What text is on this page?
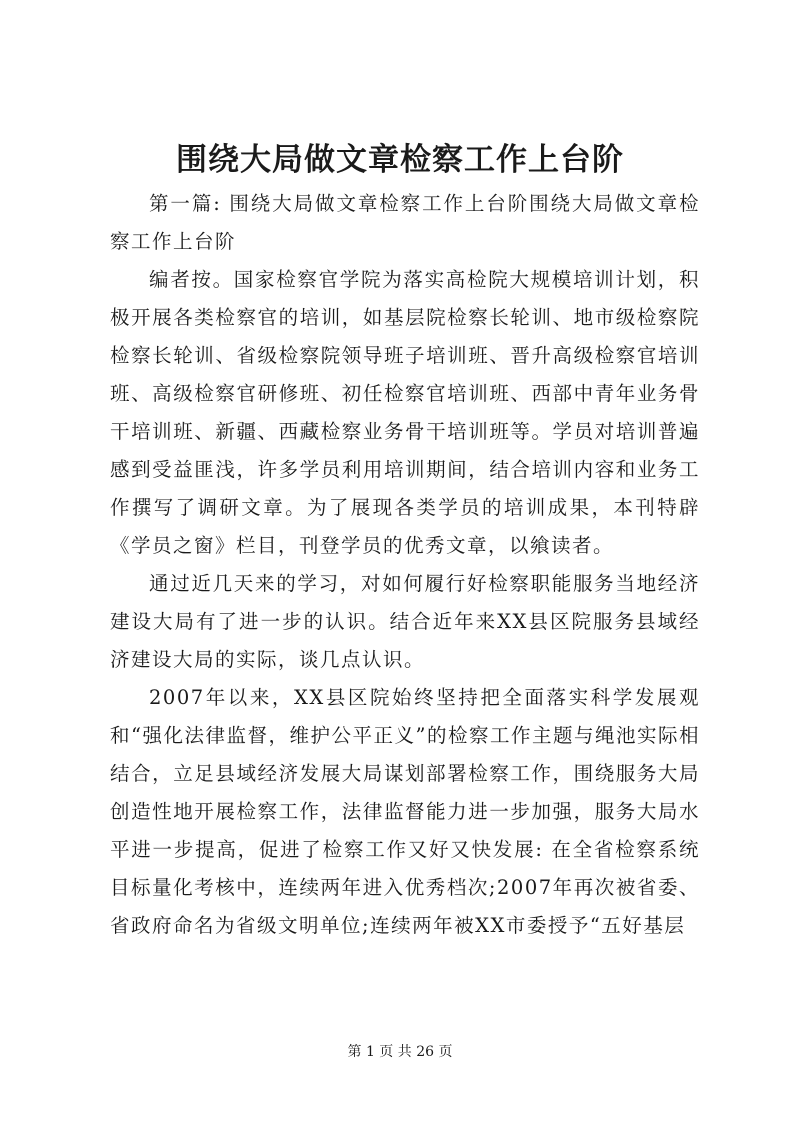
围绕大局做文章检察工作上台阶

第一篇: 围绕大局做文章检察工作上台阶围绕大局做文章检察工作上台阶

编者按。国家检察官学院为落实高检院大规模培训计划，积极开展各类检察官的培训，如基层院检察长轮训、地市级检察院检察长轮训、省级检察院领导班子培训班、晋升高级检察官培训班、高级检察官研修班、初任检察官培训班、西部中青年业务骨干培训班、新疆、西藏检察业务骨干培训班等。学员对培训普遍感到受益匪浅，许多学员利用培训期间，结合培训内容和业务工作撰写了调研文章。为了展现各类学员的培训成果，本刊特辟《学员之窗》栏目，刊登学员的优秀文章，以飨读者。

通过近几天来的学习，对如何履行好检察职能服务当地经济建设大局有了进一步的认识。结合近年来XX县区院服务县域经济建设大局的实际，谈几点认识。

2007年以来，XX县区院始终坚持把全面落实科学发展观和“强化法律监督，维护公平正义”的检察工作主题与绳池实际相结合，立足县域经济发展大局谋划部署检察工作，围绕服务大局创造性地开展检察工作，法律监督能力进一步加强，服务大局水平进一步提高，促进了检察工作又好又快发展: 在全省检察系统目标量化考核中，连续两年进入优秀档次;2007年再次被省委、省政府命名为省级文明单位;连续两年被XX市委授予“五好基层

第 1 页 共 26 页
